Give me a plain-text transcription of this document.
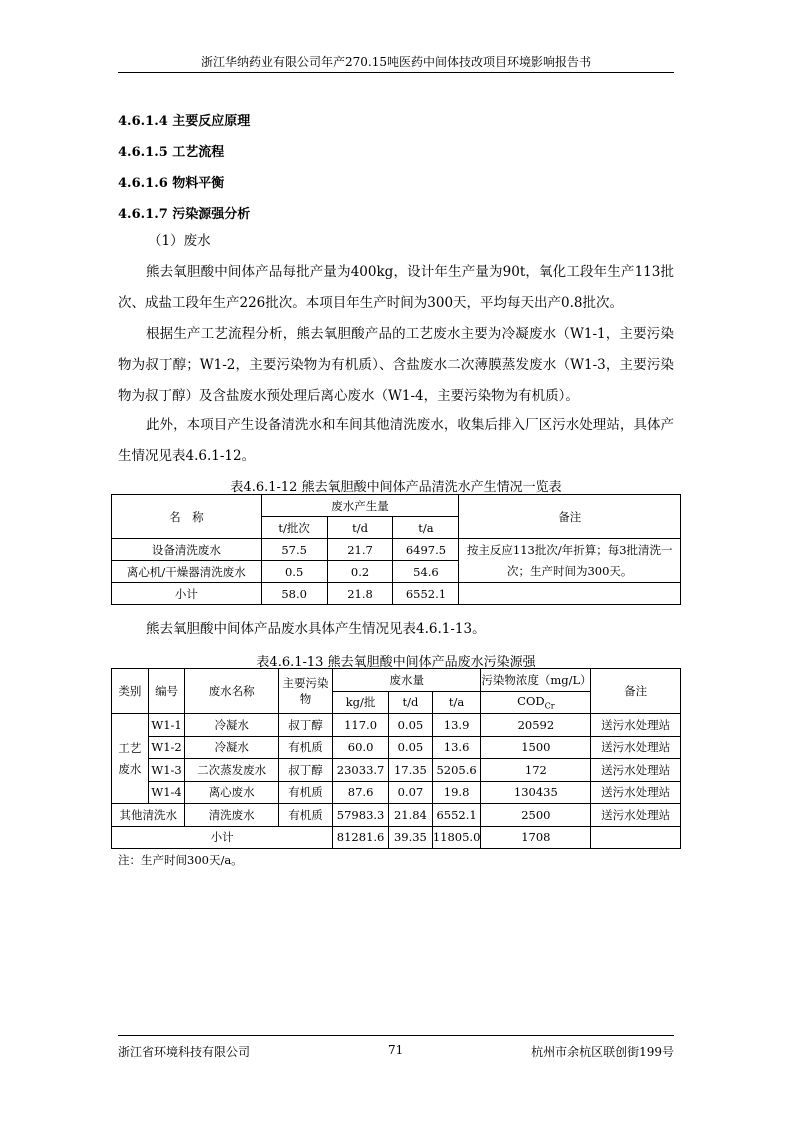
浙江华纳药业有限公司年产270.15吨医药中间体技改项目环境影响报告书
4.6.1.4 主要反应原理
4.6.1.5 工艺流程
4.6.1.6 物料平衡
4.6.1.7 污染源强分析
（1）废水
熊去氧胆酸中间体产品每批产量为400kg，设计年生产量为90t，氧化工段年生产113批次、成盐工段年生产226批次。本项目年生产时间为300天，平均每天出产0.8批次。
根据生产工艺流程分析，熊去氧胆酸产品的工艺废水主要为冷凝废水（W1-1，主要污染物为叔丁醇；W1-2，主要污染物为有机质）、含盐废水二次薄膜蒸发废水（W1-3，主要污染物为叔丁醇）及含盐废水预处理后离心废水（W1-4，主要污染物为有机质）。
此外，本项目产生设备清洗水和车间其他清洗废水，收集后排入厂区污水处理站，具体产生情况见表4.6.1-12。
表4.6.1-12 熊去氧胆酸中间体产品清洗水产生情况一览表
名　称	废水产生量			备注
	t/批次	t/d	t/a	
设备清洗废水	57.5	21.7	6497.5	按主反应113批次/年折算；每3批清洗一次；生产时间为300天。
离心机/干燥器清洗废水	0.5	0.2	54.6	
小计	58.0	21.8	6552.1	
熊去氧胆酸中间体产品废水具体产生情况见表4.6.1-13。
表4.6.1-13 熊去氧胆酸中间体产品废水污染源强
类别	编号	废水名称	主要污染物	废水量			污染物浓度（mg/L）	备注
				kg/批	t/d	t/a	$COD_{Cr}$
工艺废水	W1-1	冷凝水	叔丁醇	117.0	0.05	13.9	20592	送污水处理站
	W1-2	冷凝水	有机质	60.0	0.05	13.6	1500	送污水处理站
	W1-3	二次蒸发废水	叔丁醇	23033.7	17.35	5205.6	172	送污水处理站
	W1-4	离心废水	有机质	87.6	0.07	19.8	130435	送污水处理站
其他清洗水		清洗废水	有机质	57983.3	21.84	6552.1	2500	送污水处理站
小计				81281.6	39.35	11805.0	1708	
注：生产时间300天/a。
浙江省环境科技有限公司	71	杭州市余杭区联创街199号
